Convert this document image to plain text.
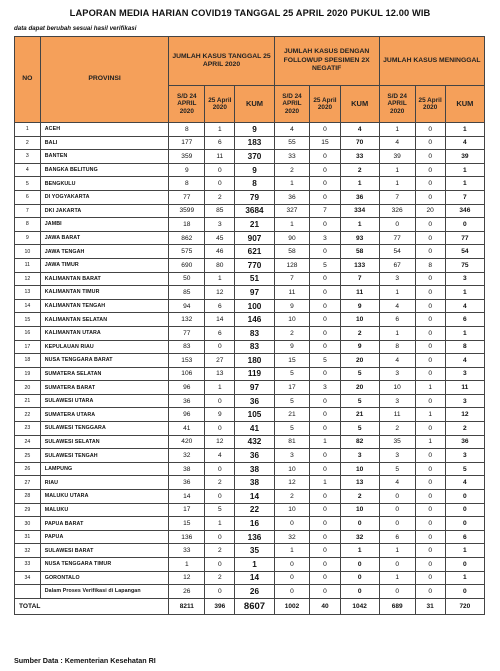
LAPORAN MEDIA HARIAN COVID19 TANGGAL 25 APRIL 2020 PUKUL 12.00 WIB
data dapat berubah sesuai hasil verifikasi
NO	PROVINSI	JUMLAH KASUS TANGGAL 25 APRIL 2020			JUMLAH KASUS DENGAN FOLLOWUP SPESIMEN 2X NEGATIF			JUMLAH KASUS MENINGGAL		
		S/D 24 APRIL 2020	25 April 2020	KUM	S/D 24 APRIL 2020	25 April 2020	KUM	S/D 24 APRIL 2020	25 April 2020	KUM
1	ACEH	8	1	9	4	0	4	1	0	1
2	BALI	177	6	183	55	15	70	4	0	4
3	BANTEN	359	11	370	33	0	33	39	0	39
4	BANGKA BELITUNG	9	0	9	2	0	2	1	0	1
5	BENGKULU	8	0	8	1	0	1	1	0	1
6	DI YOGYAKARTA	77	2	79	36	0	36	7	0	7
7	DKI JAKARTA	3599	85	3684	327	7	334	326	20	346
8	JAMBI	18	3	21	1	0	1	0	0	0
9	JAWA BARAT	862	45	907	90	3	93	77	0	77
10	JAWA TENGAH	575	46	621	58	0	58	54	0	54
11	JAWA TIMUR	690	80	770	128	5	133	67	8	75
12	KALIMANTAN BARAT	50	1	51	7	0	7	3	0	3
13	KALIMANTAN TIMUR	85	12	97	11	0	11	1	0	1
14	KALIMANTAN TENGAH	94	6	100	9	0	9	4	0	4
15	KALIMANTAN SELATAN	132	14	146	10	0	10	6	0	6
16	KALIMANTAN UTARA	77	6	83	2	0	2	1	0	1
17	KEPULAUAN RIAU	83	0	83	9	0	9	8	0	8
18	NUSA TENGGARA BARAT	153	27	180	15	5	20	4	0	4
19	SUMATERA SELATAN	106	13	119	5	0	5	3	0	3
20	SUMATERA BARAT	96	1	97	17	3	20	10	1	11
21	SULAWESI UTARA	36	0	36	5	0	5	3	0	3
22	SUMATERA UTARA	96	9	105	21	0	21	11	1	12
23	SULAWESI TENGGARA	41	0	41	5	0	5	2	0	2
24	SULAWESI SELATAN	420	12	432	81	1	82	35	1	36
25	SULAWESI TENGAH	32	4	36	3	0	3	3	0	3
26	LAMPUNG	38	0	38	10	0	10	5	0	5
27	RIAU	36	2	38	12	1	13	4	0	4
28	MALUKU UTARA	14	0	14	2	0	2	0	0	0
29	MALUKU	17	5	22	10	0	10	0	0	0
30	PAPUA BARAT	15	1	16	0	0	0	0	0	0
31	PAPUA	136	0	136	32	0	32	6	0	6
32	SULAWESI BARAT	33	2	35	1	0	1	1	0	1
33	NUSA TENGGARA TIMUR	1	0	1	0	0	0	0	0	0
34	GORONTALO	12	2	14	0	0	0	1	0	1
	Dalam Proses Verifikasi di Lapangan	26	0	26	0	0	0	0	0	0
TOTAL		8211	396	8607	1002	40	1042	689	31	720
Sumber Data : Kementerian Kesehatan RI
